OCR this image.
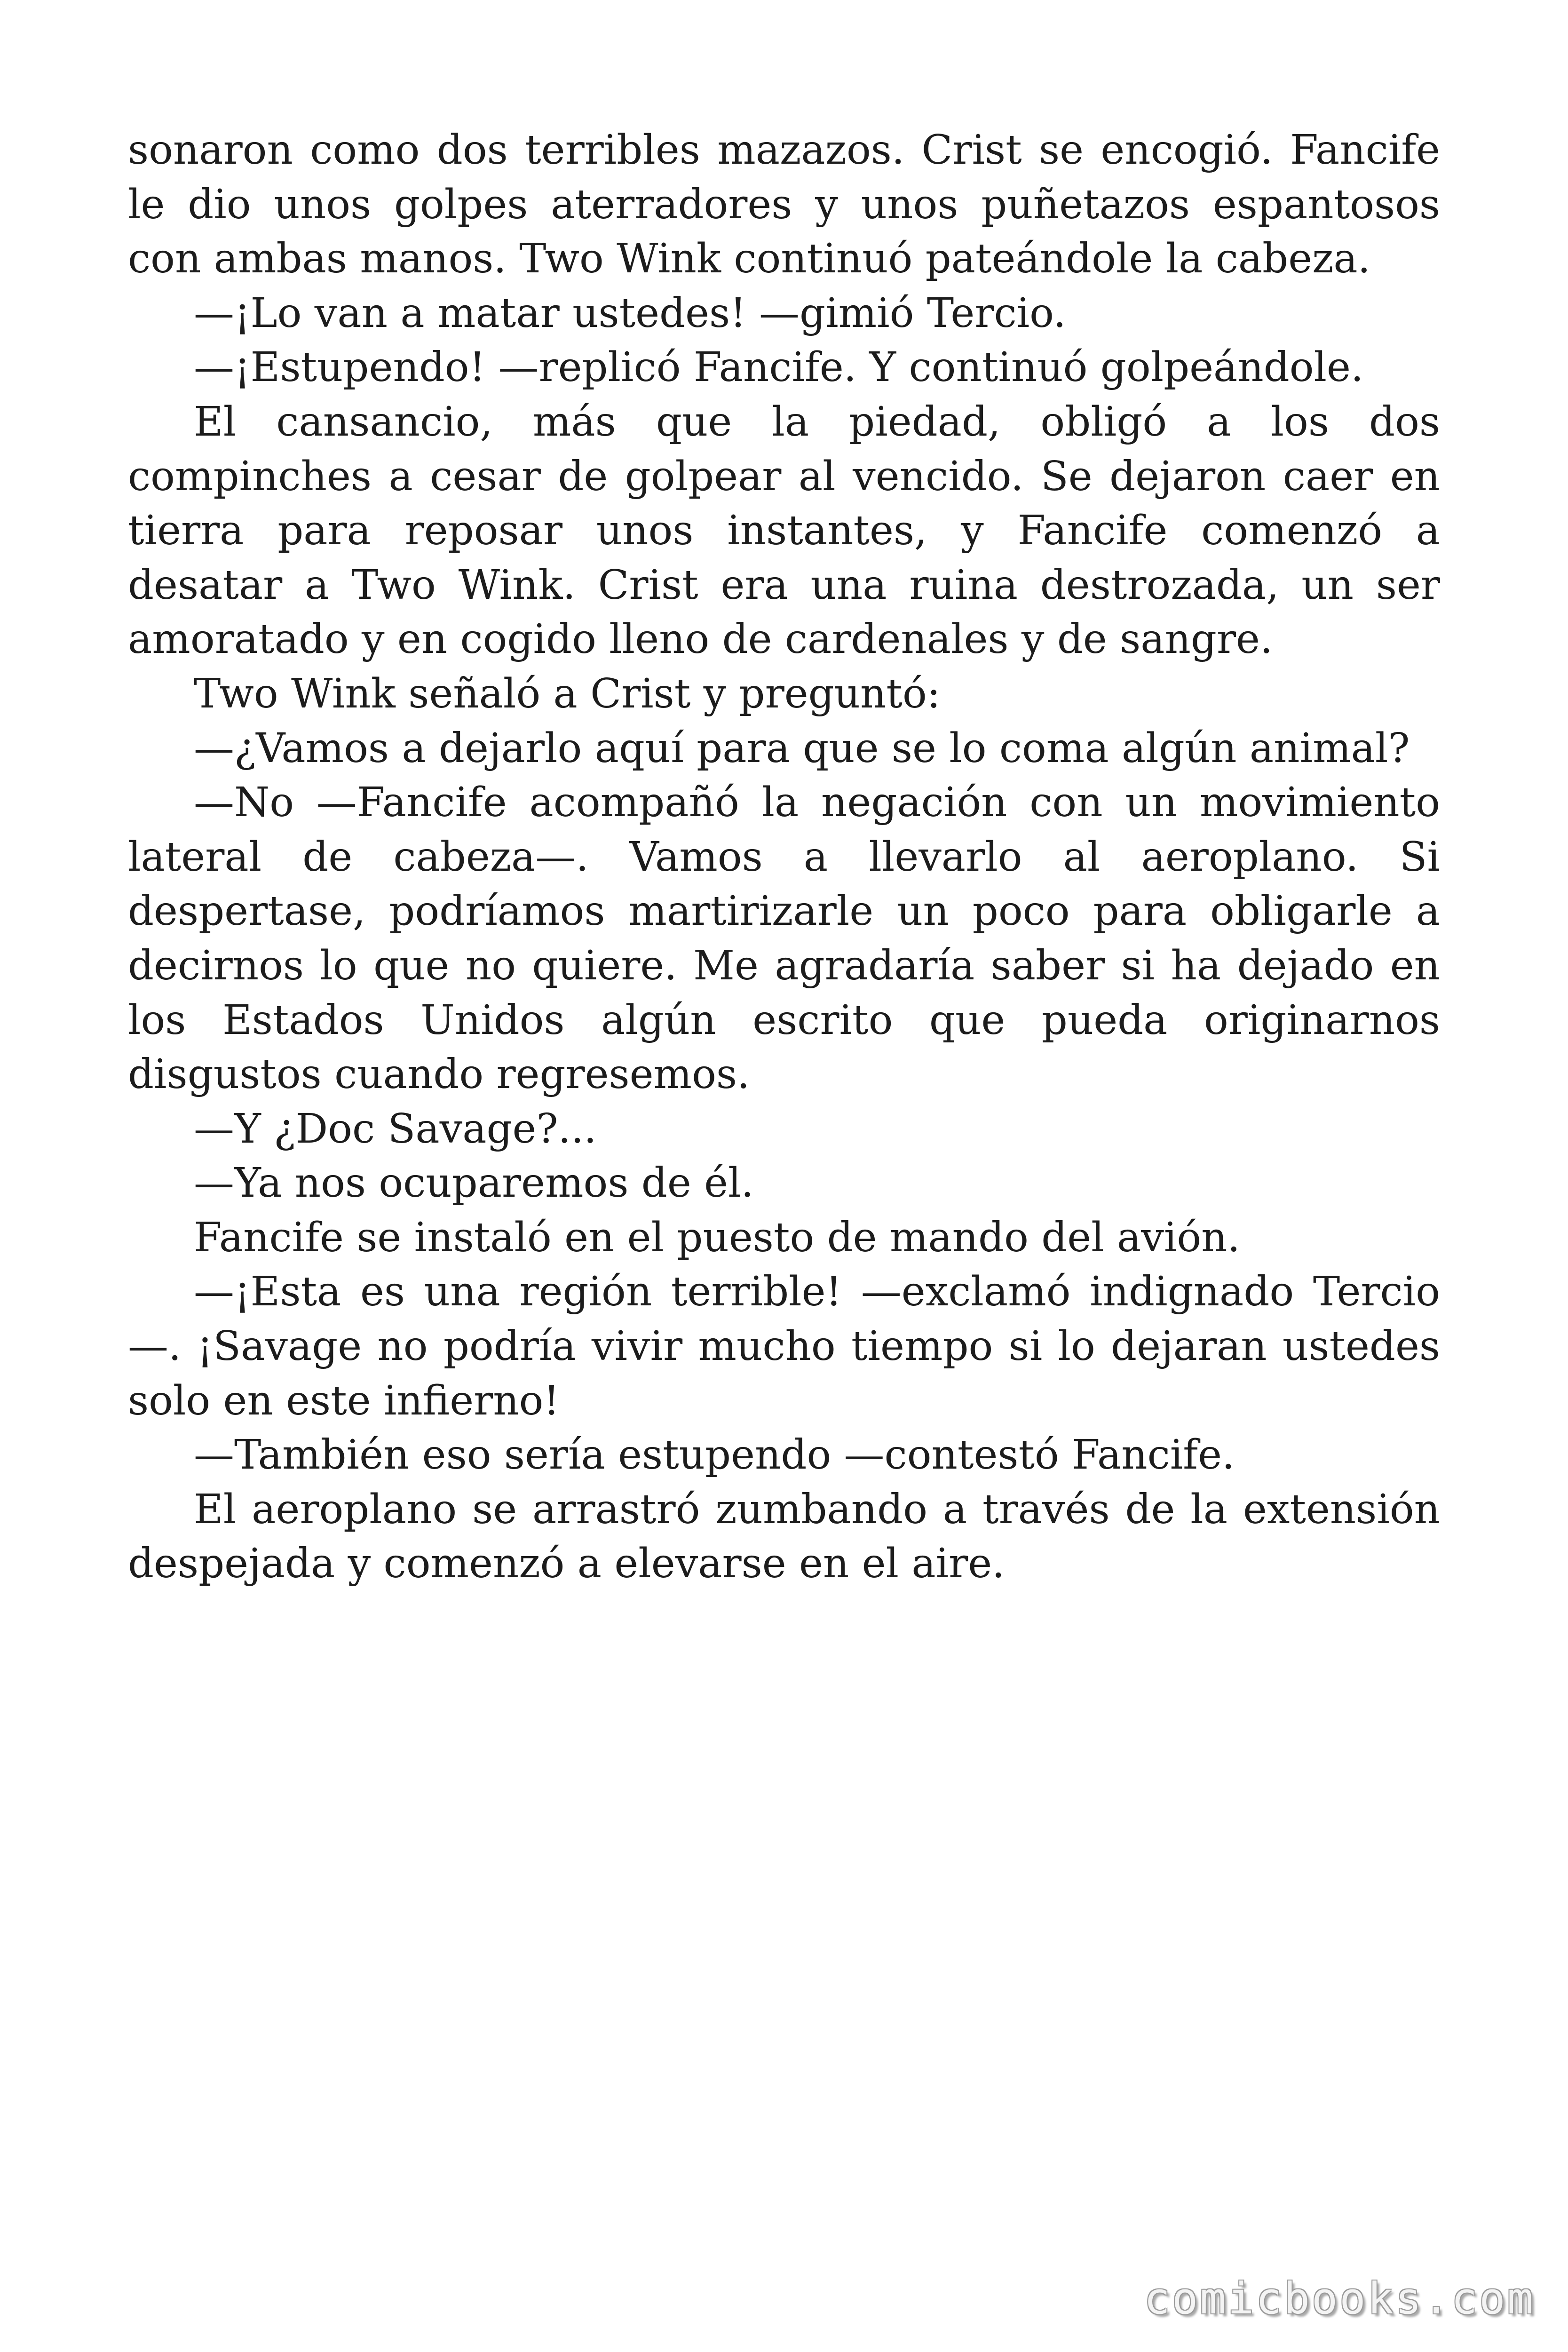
sonaron como dos terribles mazazos. Crist se encogió. Fancife le dio unos golpes aterradores y unos puñetazos espantosos con ambas manos. Two Wink continuó pateándole la cabeza.

—¡Lo van a matar ustedes! —gimió Tercio.

—¡Estupendo! —replicó Fancife. Y continuó golpeándole.

El cansancio, más que la piedad, obligó a los dos compinches a cesar de golpear al vencido. Se dejaron caer en tierra para reposar unos instantes, y Fancife comenzó a desatar a Two Wink. Crist era una ruina destrozada, un ser amoratado y en cogido lleno de cardenales y de sangre.

Two Wink señaló a Crist y preguntó:

—¿Vamos a dejarlo aquí para que se lo coma algún animal?

—No —Fancife acompañó la negación con un movimiento lateral de cabeza—. Vamos a llevarlo al aeroplano. Si despertase, podríamos martirizarle un poco para obligarle a decirnos lo que no quiere. Me agradaría saber si ha dejado en los Estados Unidos algún escrito que pueda originarnos disgustos cuando regresemos.

—Y ¿Doc Savage?...

—Ya nos ocuparemos de él.

Fancife se instaló en el puesto de mando del avión.

—¡Esta es una región terrible! —exclamó indignado Tercio—. ¡Savage no podría vivir mucho tiempo si lo dejaran ustedes solo en este infierno!

—También eso sería estupendo —contestó Fancife.

El aeroplano se arrastró zumbando a través de la extensión despejada y comenzó a elevarse en el aire.

comicbooks.com
